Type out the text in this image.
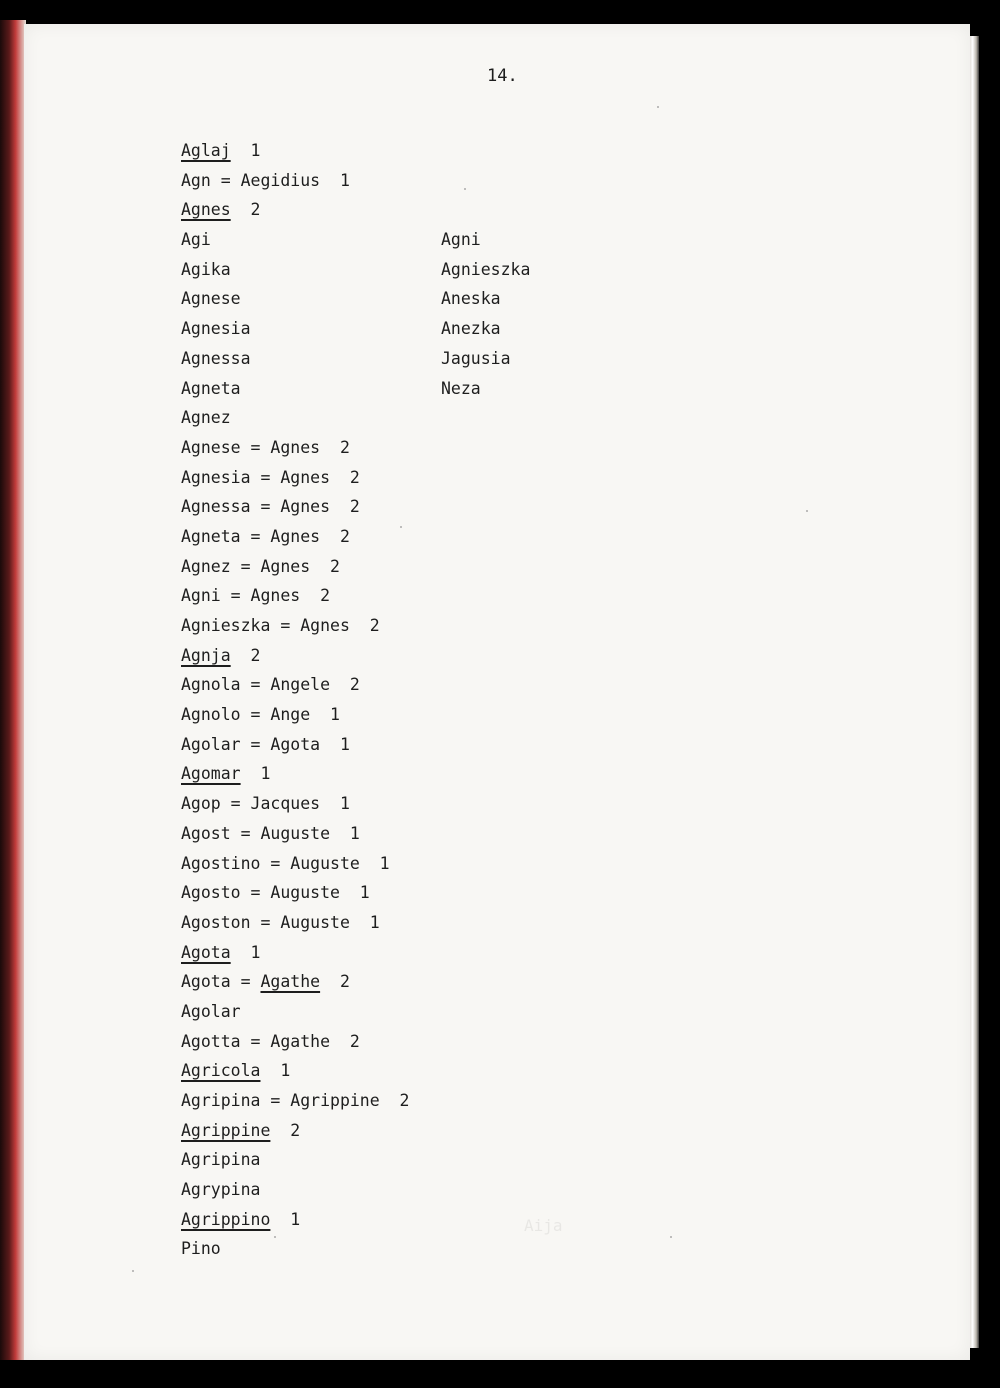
14.
Aija
Aglaj  1
Agn = Aegidius  1
Agnes  2
Agi
Agika
Agnese
Agnesia
Agnessa
Agneta
Agnez
Agnese = Agnes  2
Agnesia = Agnes  2
Agnessa = Agnes  2
Agneta = Agnes  2
Agnez = Agnes  2
Agni = Agnes  2
Agnieszka = Agnes  2
Agnja  2
Agnola = Angele  2
Agnolo = Ange  1
Agolar = Agota  1
Agomar  1
Agop = Jacques  1
Agost = Auguste  1
Agostino = Auguste  1
Agosto = Auguste  1
Agoston = Auguste  1
Agota  1
Agota = Agathe  2
Agolar
Agotta = Agathe  2
Agricola  1
Agripina = Agrippine  2
Agrippine  2
Agripina
Agrypina
Agrippino  1
Pino
Agni
Agnieszka
Aneska
Anezka
Jagusia
Neza
